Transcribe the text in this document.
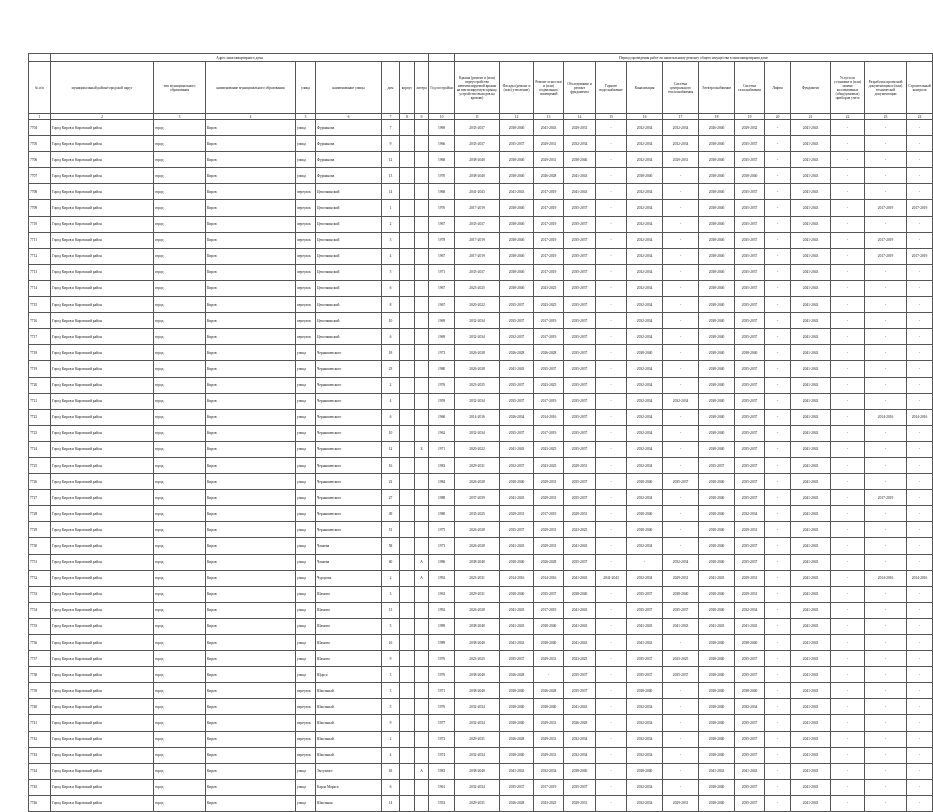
	Адрес многоквартирного дома									Период проведения работ по капитальному ремонту общего имущества в многоквартирном доме													
№ п/п	муниципальный район/городской округ	тип муниципального образования	наименование муниципального образования	улица	наименование улицы	дом	корпус	литера	Год постройки	Крыша (ремонт и (или) переустройство невентилируемой крыши на вентилируемую крышу, устройство выходов на кровлю)	Фасады (ремонт и (или) утепление)	Ремонт отмостки и (или) подвальных помещений	Обследование и ремонт фундамента	Горячее водоснабжение	Канализация	Система центрального теплоснабжения	Электроснабжение	Система газоснабжения	Лифты	Фундамент	Услуги по установке и (или) замене коллективных (общедомовых) приборов учета	Разработка проектной документации и (или) технической документации	Строительный контроль
1	2	3	4	5	6	7	8	9	10	11	12	13	14	15	16	17	18	19	20	21	22	23	24
7704	Город Киров и Кировский район	город	Киров	улица	Фурманова	7			1969	2035-2037	2038-2040	2041-2043	2029-2031	-	2032-2034	2032-2034	2026-2040	2029-2032	-	2041-2043	-	-	-
7705	Город Киров и Кировский район	город	Киров	улица	Фурманова	9			1966	2035-2037	2035-2037	2029-2031	2032-2034	-	2032-2034	2032-2034	2038-2040	2035-2037	-	2041-2043	-	-	-
7706	Город Киров и Кировский район	город	Киров	улица	Фурманова	12			1968	2038-2040	2038-2040	2029-2031	2038-2040	-	2032-2034	2029-2031	2038-2040	2035-2037	-	2041-2043	-	-	-
7707	Город Киров и Кировский район	город	Киров	улица	Фурманова	13			1970	2038-2040	2038-2040	2026-2028	2041-2043	-	2038-2040	-	2038-2040	2038-2040	-	2041-2043	-	-	-
7708	Город Киров и Кировский район	город	Киров	переулок	Цепочкинский	14			1968	2041-2043	2041-2043	2017-2019	2041-2043	-	2032-2034	-	2038-2040	2035-2037	-	2041-2043	-	-	-
7709	Город Киров и Кировский район	город	Киров	переулок	Цепочкинский	1			1976	2017-2019	2038-2040	2017-2019	2035-2037	-	2032-2034	-	2038-2040	2035-2037	-	2041-2043	-	2017-2019	2017-2019
7710	Город Киров и Кировский район	город	Киров	переулок	Цепочкинский	2			1967	2035-2037	2038-2040	2017-2019	2035-2037	-	2032-2034	-	2038-2040	2035-2037	-	2041-2043	-	-	-
7711	Город Киров и Кировский район	город	Киров	переулок	Цепочкинский	3			1978	2017-2019	2038-2040	2017-2019	2035-2037	-	2032-2034	-	2038-2040	2035-2037	-	2041-2043	-	2017-2019	-
7712	Город Киров и Кировский район	город	Киров	переулок	Цепочкинский	4			1967	2017-2019	2038-2040	2017-2019	2035-2037	-	2032-2034	-	2038-2040	2035-2037	-	2041-2043	-	2017-2019	2017-2019
7713	Город Киров и Кировский район	город	Киров	переулок	Цепочкинский	5			1971	2035-2037	2038-2040	2017-2019	2035-2037	-	2032-2034	-	2038-2040	2035-2037	-	2041-2043	-	-	-
7714	Город Киров и Кировский район	город	Киров	переулок	Цепочкинский	6			1967	2023-2025	2038-2040	2023-2025	2035-2037	-	2032-2034	-	2038-2040	2035-2037	-	2041-2043	-	-	-
7715	Город Киров и Кировский район	город	Киров	переулок	Цепочкинский	8			1967	2020-2022	2035-2037	2023-2025	2035-2037	-	2032-2034	-	2038-2040	2035-2037	-	2041-2043	-	-	-
7716	Город Киров и Кировский район	город	Киров	переулок	Цепочкинский	10			1969	2032-2034	2035-2037	2017-2019	2035-2037	-	2032-2034	-	2038-2040	2035-2037	-	2041-2043	-	-	-
7717	Город Киров и Кировский район	город	Киров	переулок	Цепочкинский	6			1969	2032-2034	2032-2037	2017-2019	2035-2037	-	2032-2034	-	2038-2040	2035-2037	-	2041-2043	-	-	-
7718	Город Киров и Кировский район	город	Киров	улица	Чернышевского	18			1973	2026-2028	2026-2028	2026-2028	2035-2037	-	2038-2040	-	2038-2040	2038-2040	-	2041-2043	-	-	-
7719	Город Киров и Кировский район	город	Киров	улица	Чернышевского	23			1980	2026-2028	2041-2043	2035-2037	2035-2037	-	2032-2034	-	2038-2040	2035-2037	-	2041-2043	-	-	-
7720	Город Киров и Кировский район	город	Киров	улица	Чернышевского	2			1976	2023-2025	2035-2037	2023-2025	2035-2037	-	2032-2034	-	2038-2040	2035-2037	-	2041-2043	-	-	-
7721	Город Киров и Кировский район	город	Киров	улица	Чернышевского	4			1959	2032-2034	2035-2037	2017-2019	2035-2037	-	2032-2034	2032-2034	2038-2040	2035-2037	-	2041-2043	-	-	-
7722	Город Киров и Кировский район	город	Киров	улица	Чернышевского	6			1960	2014-2016	2026-2034	2014-2016	2035-2037	-	2032-2034	-	2038-2040	2035-2037	-	2041-2043	-	2014-2016	2014-2016
7723	Город Киров и Кировский район	город	Киров	улица	Чернышевского	10			1962	2032-2034	2035-2037	2017-2019	2035-2037	-	2032-2034	-	2038-2040	2035-2037	-	2041-2043	-	-	-
7724	Город Киров и Кировский район	город	Киров	улица	Чернышевского	12		Б	1971	2020-2022	2041-2043	2023-2025	2035-2037	-	2032-2034	-	2038-2040	2035-2037	-	2041-2043	-	-	-
7725	Город Киров и Кировский район	город	Киров	улица	Чернышевского	16			1983	2029-2031	2032-2037	2023-2025	2029-2031	-	2032-2034	-	2035-2037	2035-2037	-	2041-2043	-	-	-
7726	Город Киров и Кировский район	город	Киров	улица	Чернышевского	22			1984	2026-2028	2038-2040	2029-2031	2035-2037	-	2038-2040	2035-2037	2038-2040	2035-2037	-	2041-2043	-	-	-
7727	Город Киров и Кировский район	город	Киров	улица	Чернышевского	27			1988	2037-2039	2041-2043	2029-2031	2035-2037	-	2032-2034	-	2038-2040	2035-2037	-	2041-2043	-	2017-2019	-
7728	Город Киров и Кировский район	город	Киров	улица	Чернышевского	49			1980	2035-2025	2029-2031	2017-2019	2029-2031	-	2038-2040	-	2038-2040	2032-2034	-	2041-2043	-	-	-
7729	Город Киров и Кировский район	город	Киров	улица	Чернышевского	51			1975	2026-2028	2035-2037	2029-2031	2023-2025	-	2038-2040	-	2038-2040	2029-2031	-	2041-2043	-	-	-
7730	Город Киров и Кировский район	город	Киров	улица	Чапаева	58			1973	2026-2028	2041-2043	2029-2031	2041-2043	-	2032-2034	-	2038-2040	2035-2037	-	2041-2043	-	-	-
7731	Город Киров и Кировский район	город	Киров	улица	Чапаева	60		А	1986	2038-2040	2038-2040	2026-2028	2035-2037	-	-	2032-2034	2038-2040	2035-2037	-	2041-2043	-	-	-
7732	Город Киров и Кировский район	город	Киров	улица	Чурсрова	2		А	1992	2023-2031	2014-2016	2014-2016	2041-2043	2041-2043	2032-2034	2029-2031	2041-2043	2029-2031	-	2041-2043	-	2014-2016	2014-2016
7733	Город Киров и Кировский район	город	Киров	улица	Шамова	3			1963	2029-2031	2038-2040	2035-2037	2038-2040	-	2035-2037	2038-2040	2038-2040	2029-2031	-	2041-2043	-	-	-
7734	Город Киров и Кировский район	город	Киров	улица	Шамова	13			1992	2026-2028	2041-2043	2017-2019	2041-2043	-	2035-2037	2035-2037	2038-2040	2032-2034	-	2041-2043	-	-	-
7735	Город Киров и Кировский район	город	Киров	улица	Шамова	5			1989	2038-2040	2041-2043	2038-2040	2041-2043	-	2041-2043	2041-2043	2041-2043	2041-2043	-	2041-2043	-	-	-
7736	Город Киров и Кировский район	город	Киров	улица	Шамова	16			1989	2038-2040	2041-2043	2038-2040	2041-2043	-	2041-2043	-	2038-2040	2038-2040	-	2041-2043	-	-	-
7737	Город Киров и Кировский район	город	Киров	улица	Шамова	9			1976	2023-2025	2035-2037	2029-2031	2023-2025	-	2035-2037	2023-2025	2038-2040	2035-2037	-	2041-2043	-	-	-
7738	Город Киров и Кировский район	город	Киров	улица	Щорса	3			1976	2038-2040	2026-2028	-	2035-2037	-	2035-2037	2035-2037	2038-2040	2035-2037	-	2041-2043	-	-	-
7739	Город Киров и Кировский район	город	Киров	переулок	Школьный	3			1971	2038-2040	2038-2040	2026-2028	2035-2037	-	2038-2040	-	2038-2040	2038-2040	-	2041-2043	-	-	-
7740	Город Киров и Кировский район	город	Киров	переулок	Школьный	5			1976	2032-2034	2038-2040	2038-2040	2041-2043	-	2032-2034	-	2038-2040	2032-2034	-	2041-2043	-	-	-
7741	Город Киров и Кировский район	город	Киров	переулок	Школьный	9			1977	2032-2034	2038-2040	2029-2031	2026-2028	-	2032-2034	-	2038-2040	2035-2037	-	2041-2043	-	-	-
7742	Город Киров и Кировский район	город	Киров	переулок	Школьный	2			1972	2029-2031	2026-2028	2029-2031	2032-2034	-	2032-2034	-	2038-2040	2035-2037	-	2041-2043	-	-	-
7743	Город Киров и Кировский район	город	Киров	переулок	Школьный	4			1974	2032-2034	2038-2040	2029-2031	2032-2034	-	2032-2034	-	2038-2040	2035-2037	-	2041-2043	-	-	-
7744	Город Киров и Кировский район	город	Киров	улица	Энтузиаст	63		А	1983	2038-2040	2041-2043	2032-2034	2038-2040	-	2038-2040	-	2041-2043	2041-2043	-	2041-2043	-	-	-
7745	Город Киров и Кировский район	город	Киров	улица	Карла Маркса	6			1961	2032-2034	2035-2037	2017-2019	2035-2037	-	2032-2034	-	2038-2040	2035-2037	-	2041-2043	-	-	-
7746	Город Киров и Кировский район	город	Киров	улица	Школьная	14			1933	2029-2031	2026-2028	2023-2025	2029-2031	-	2032-2034	2029-2031	2038-2040	2035-2037	-	2041-2043	-	-	-
